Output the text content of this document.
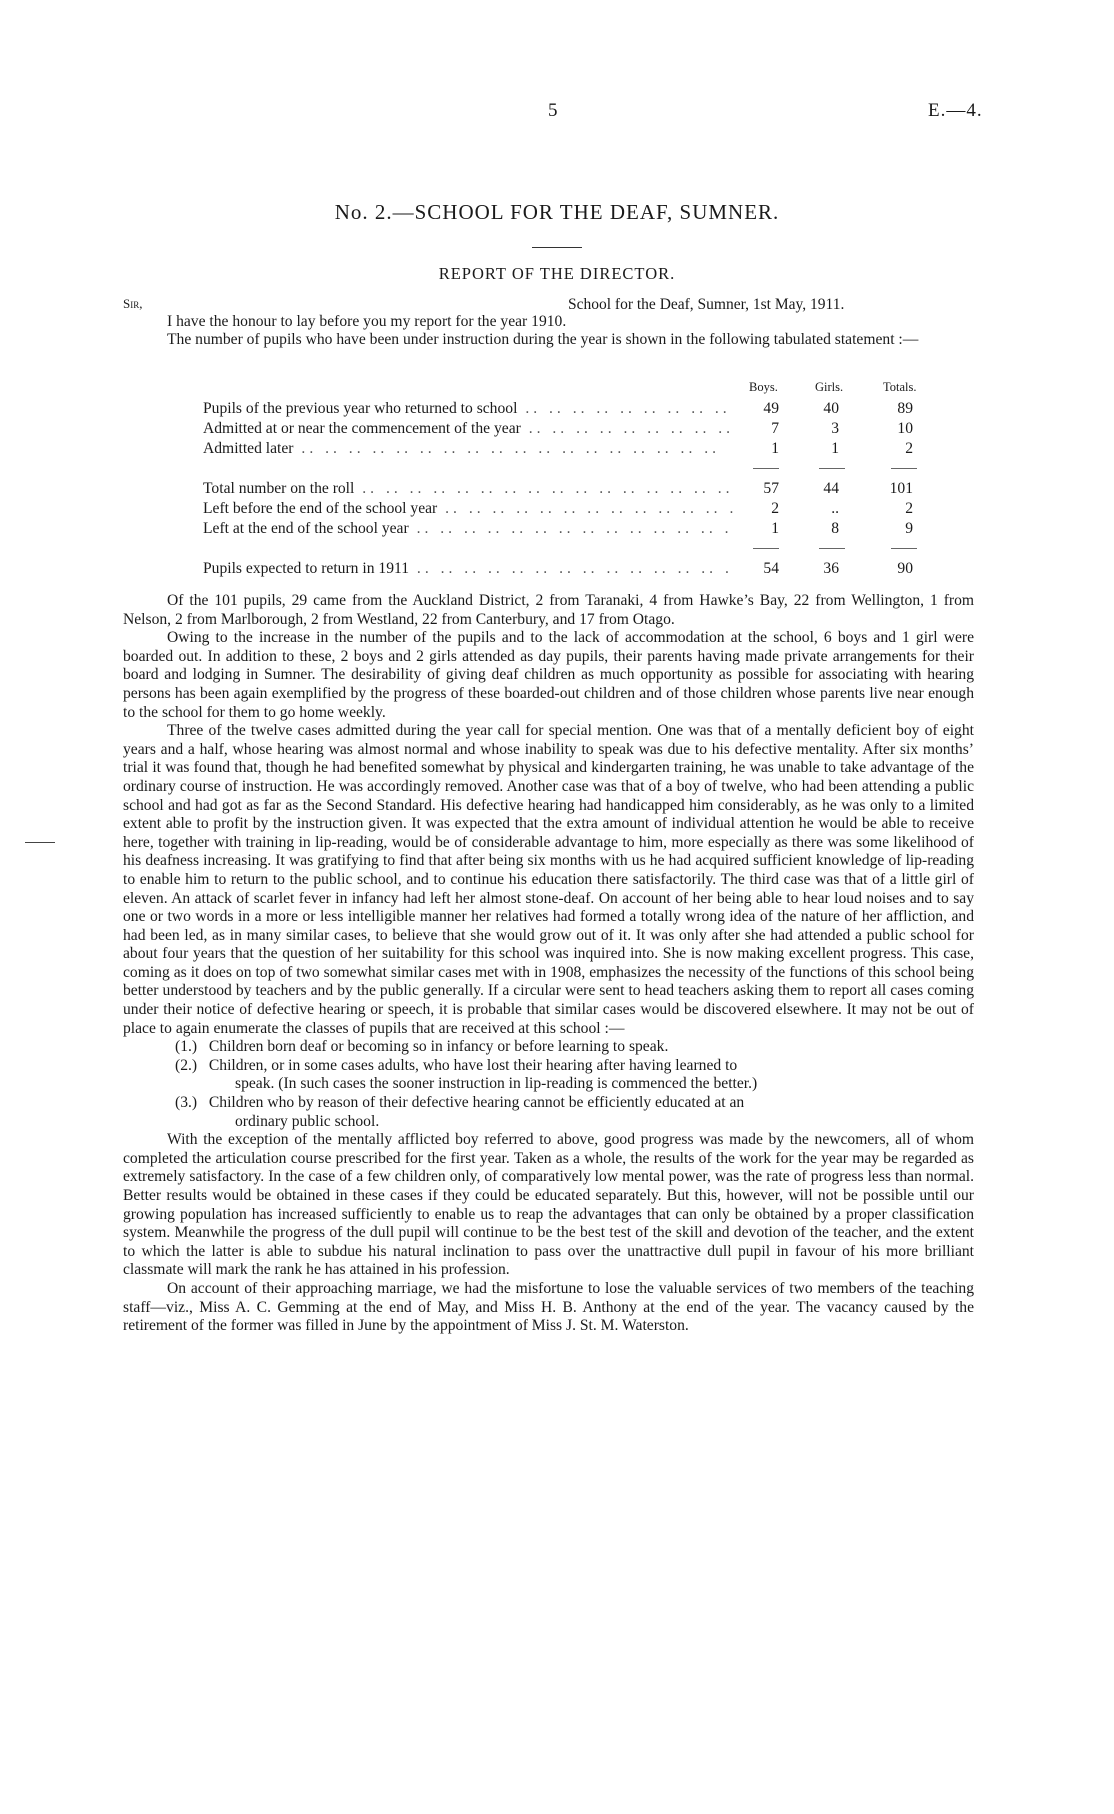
5	E.—4.
No. 2.—SCHOOL FOR THE DEAF, SUMNER.
REPORT OF THE DIRECTOR.
Sir,	School for the Deaf, Sumner, 1st May, 1911.

I have the honour to lay before you my report for the year 1910.

The number of pupils who have been under instruction during the year is shown in the following tabulated statement :—

Boys.	Girls.	Totals.
Pupils of the previous year who returned to school .. ..	49	40	89
Admitted at or near the commencement of the year .. ..	7	3	10
Admitted later .. ..	1	1	2
Total number on the roll .. ..	57	44	101
Left before the end of the school year .. ..	2	..	2
Left at the end of the school year .. ..	1	8	9
Pupils expected to return in 1911 .. ..	54	36	90

Of the 101 pupils, 29 came from the Auckland District, 2 from Taranaki, 4 from Hawke’s Bay, 22 from Wellington, 1 from Nelson, 2 from Marlborough, 2 from Westland, 22 from Canterbury, and 17 from Otago.

Owing to the increase in the number of the pupils and to the lack of accommodation at the school, 6 boys and 1 girl were boarded out. In addition to these, 2 boys and 2 girls attended as day pupils, their parents having made private arrangements for their board and lodging in Sumner. The desirability of giving deaf children as much opportunity as possible for associating with hearing persons has been again exemplified by the progress of these boarded-out children and of those children whose parents live near enough to the school for them to go home weekly.

Three of the twelve cases admitted during the year call for special mention. One was that of a mentally deficient boy of eight years and a half, whose hearing was almost normal and whose inability to speak was due to his defective mentality. After six months’ trial it was found that, though he had benefited somewhat by physical and kindergarten training, he was unable to take advantage of the ordinary course of instruction. He was accordingly removed. Another case was that of a boy of twelve, who had been attending a public school and had got as far as the Second Standard. His defective hearing had handicapped him considerably, as he was only to a limited extent able to profit by the instruction given. It was expected that the extra amount of individual attention he would be able to receive here, together with training in lip-reading, would be of considerable advantage to him, more especially as there was some likelihood of his deafness increasing. It was gratifying to find that after being six months with us he had acquired sufficient knowledge of lip-reading to enable him to return to the public school, and to continue his education there satisfactorily. The third case was that of a little girl of eleven. An attack of scarlet fever in infancy had left her almost stone-deaf. On account of her being able to hear loud noises and to say one or two words in a more or less intelligible manner her relatives had formed a totally wrong idea of the nature of her affliction, and had been led, as in many similar cases, to believe that she would grow out of it. It was only after she had attended a public school for about four years that the question of her suitability for this school was inquired into. She is now making excellent progress. This case, coming as it does on top of two somewhat similar cases met with in 1908, emphasizes the necessity of the functions of this school being better understood by teachers and by the public generally. If a circular were sent to head teachers asking them to report all cases coming under their notice of defective hearing or speech, it is probable that similar cases would be discovered elsewhere. It may not be out of place to again enumerate the classes of pupils that are received at this school :—

(1.) Children born deaf or becoming so in infancy or before learning to speak.

(2.) Children, or in some cases adults, who have lost their hearing after having learned to

speak. (In such cases the sooner instruction in lip-reading is commenced the better.)

(3.) Children who by reason of their defective hearing cannot be efficiently educated at an

ordinary public school.

With the exception of the mentally afflicted boy referred to above, good progress was made by the newcomers, all of whom completed the articulation course prescribed for the first year. Taken as a whole, the results of the work for the year may be regarded as extremely satisfactory. In the case of a few children only, of comparatively low mental power, was the rate of progress less than normal. Better results would be obtained in these cases if they could be educated separately. But this, however, will not be possible until our growing population has increased sufficiently to enable us to reap the advantages that can only be obtained by a proper classification system. Meanwhile the progress of the dull pupil will continue to be the best test of the skill and devotion of the teacher, and the extent to which the latter is able to subdue his natural inclination to pass over the unattractive dull pupil in favour of his more brilliant classmate will mark the rank he has attained in his profession.

On account of their approaching marriage, we had the misfortune to lose the valuable services of two members of the teaching staff—viz., Miss A. C. Gemming at the end of May, and Miss H. B. Anthony at the end of the year. The vacancy caused by the retirement of the former was filled in June by the appointment of Miss J. St. M. Waterston.
